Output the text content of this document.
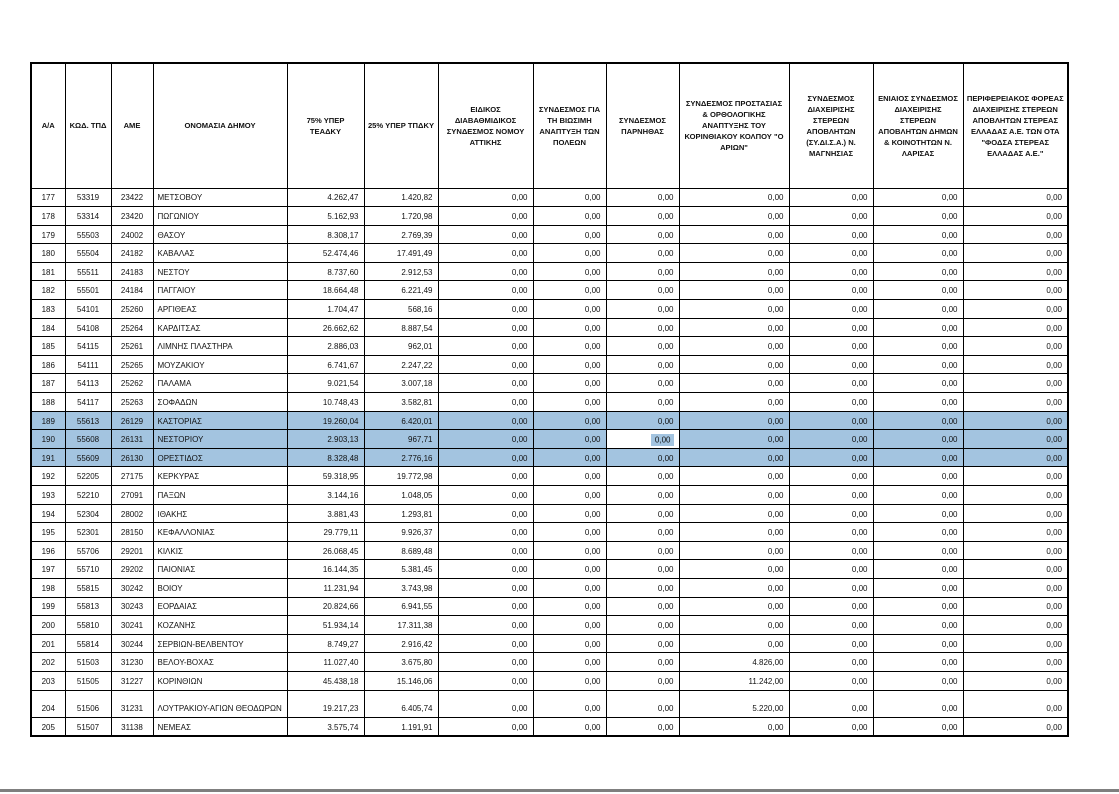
Α/Α	ΚΩΔ. ΤΠΔ	ΑΜΕ	ΟΝΟΜΑΣΙΑ ΔΗΜΟΥ	75% ΥΠΕΡ ΤΕΑΔΚΥ	25% ΥΠΕΡ ΤΠΔΚΥ	ΕΙΔΙΚΟΣ ΔΙΑΒΑΘΜΙΔΙΚΟΣ ΣΥΝΔΕΣΜΟΣ ΝΟΜΟΥ ΑΤΤΙΚΗΣ	ΣΥΝΔΕΣΜΟΣ ΓΙΑ ΤΗ ΒΙΩΣΙΜΗ ΑΝΑΠΤΥΞΗ ΤΩΝ ΠΟΛΕΩΝ	ΣΥΝΔΕΣΜΟΣ ΠΑΡΝΗΘΑΣ	ΣΥΝΔΕΣΜΟΣ ΠΡΟΣΤΑΣΙΑΣ & ΟΡΘΟΛΟΓΙΚΗΣ ΑΝΑΠΤΥΞΗΣ ΤΟΥ ΚΟΡΙΝΘΙΑΚΟΥ ΚΟΛΠΟΥ "Ο ΑΡΙΩΝ"	ΣΥΝΔΕΣΜΟΣ ΔΙΑΧΕΙΡΙΣΗΣ ΣΤΕΡΕΩΝ ΑΠΟΒΛΗΤΩΝ (ΣΥ.ΔΙ.Σ.Α.) Ν. ΜΑΓΝΗΣΙΑΣ	ΕΝΙΑΙΟΣ ΣΥΝΔΕΣΜΟΣ ΔΙΑΧΕΙΡΙΣΗΣ ΣΤΕΡΕΩΝ ΑΠΟΒΛΗΤΩΝ ΔΗΜΩΝ & ΚΟΙΝΟΤΗΤΩΝ Ν. ΛΑΡΙΣΑΣ	ΠΕΡΙΦΕΡΕΙΑΚΟΣ ΦΟΡΕΑΣ ΔΙΑΧΕΙΡΙΣΗΣ ΣΤΕΡΕΩΝ ΑΠΟΒΛΗΤΩΝ ΣΤΕΡΕΑΣ ΕΛΛΑΔΑΣ Α.Ε. ΤΩΝ ΟΤΑ "ΦΟΔΣΑ ΣΤΕΡΕΑΣ ΕΛΛΑΔΑΣ Α.Ε."
177	53319	23422	ΜΕΤΣΟΒΟΥ	4.262,47	1.420,82	0,00	0,00	0,00	0,00	0,00	0,00	0,00
178	53314	23420	ΠΩΓΩΝΙΟΥ	5.162,93	1.720,98	0,00	0,00	0,00	0,00	0,00	0,00	0,00
179	55503	24002	ΘΑΣΟΥ	8.308,17	2.769,39	0,00	0,00	0,00	0,00	0,00	0,00	0,00
180	55504	24182	ΚΑΒΑΛΑΣ	52.474,46	17.491,49	0,00	0,00	0,00	0,00	0,00	0,00	0,00
181	55511	24183	ΝΕΣΤΟΥ	8.737,60	2.912,53	0,00	0,00	0,00	0,00	0,00	0,00	0,00
182	55501	24184	ΠΑΓΓΑΙΟΥ	18.664,48	6.221,49	0,00	0,00	0,00	0,00	0,00	0,00	0,00
183	54101	25260	ΑΡΓΙΘΕΑΣ	1.704,47	568,16	0,00	0,00	0,00	0,00	0,00	0,00	0,00
184	54108	25264	ΚΑΡΔΙΤΣΑΣ	26.662,62	8.887,54	0,00	0,00	0,00	0,00	0,00	0,00	0,00
185	54115	25261	ΛΙΜΝΗΣ ΠΛΑΣΤΗΡΑ	2.886,03	962,01	0,00	0,00	0,00	0,00	0,00	0,00	0,00
186	54111	25265	ΜΟΥΖΑΚΙΟΥ	6.741,67	2.247,22	0,00	0,00	0,00	0,00	0,00	0,00	0,00
187	54113	25262	ΠΑΛΑΜΑ	9.021,54	3.007,18	0,00	0,00	0,00	0,00	0,00	0,00	0,00
188	54117	25263	ΣΟΦΑΔΩΝ	10.748,43	3.582,81	0,00	0,00	0,00	0,00	0,00	0,00	0,00
189	55613	26129	ΚΑΣΤΟΡΙΑΣ	19.260,04	6.420,01	0,00	0,00	0,00	0,00	0,00	0,00	0,00
190	55608	26131	ΝΕΣΤΟΡΙΟΥ	2.903,13	967,71	0,00	0,00	0,00	0,00	0,00	0,00	0,00
191	55609	26130	ΟΡΕΣΤΙΔΟΣ	8.328,48	2.776,16	0,00	0,00	0,00	0,00	0,00	0,00	0,00
192	52205	27175	ΚΕΡΚΥΡΑΣ	59.318,95	19.772,98	0,00	0,00	0,00	0,00	0,00	0,00	0,00
193	52210	27091	ΠΑΞΩΝ	3.144,16	1.048,05	0,00	0,00	0,00	0,00	0,00	0,00	0,00
194	52304	28002	ΙΘΑΚΗΣ	3.881,43	1.293,81	0,00	0,00	0,00	0,00	0,00	0,00	0,00
195	52301	28150	ΚΕΦΑΛΛΟΝΙΑΣ	29.779,11	9.926,37	0,00	0,00	0,00	0,00	0,00	0,00	0,00
196	55706	29201	ΚΙΛΚΙΣ	26.068,45	8.689,48	0,00	0,00	0,00	0,00	0,00	0,00	0,00
197	55710	29202	ΠΑΙΟΝΙΑΣ	16.144,35	5.381,45	0,00	0,00	0,00	0,00	0,00	0,00	0,00
198	55815	30242	ΒΟΙΟΥ	11.231,94	3.743,98	0,00	0,00	0,00	0,00	0,00	0,00	0,00
199	55813	30243	ΕΟΡΔΑΙΑΣ	20.824,66	6.941,55	0,00	0,00	0,00	0,00	0,00	0,00	0,00
200	55810	30241	ΚΟΖΑΝΗΣ	51.934,14	17.311,38	0,00	0,00	0,00	0,00	0,00	0,00	0,00
201	55814	30244	ΣΕΡΒΙΩΝ-ΒΕΛΒΕΝΤΟΥ	8.749,27	2.916,42	0,00	0,00	0,00	0,00	0,00	0,00	0,00
202	51503	31230	ΒΕΛΟΥ-ΒΟΧΑΣ	11.027,40	3.675,80	0,00	0,00	0,00	4.826,00	0,00	0,00	0,00
203	51505	31227	ΚΟΡΙΝΘΙΩΝ	45.438,18	15.146,06	0,00	0,00	0,00	11.242,00	0,00	0,00	0,00
204	51506	31231	ΛΟΥΤΡΑΚΙΟΥ-ΑΓΙΩΝ ΘΕΟΔΩΡΩΝ	19.217,23	6.405,74	0,00	0,00	0,00	5.220,00	0,00	0,00	0,00
205	51507	31138	ΝΕΜΕΑΣ	3.575,74	1.191,91	0,00	0,00	0,00	0,00	0,00	0,00	0,00
